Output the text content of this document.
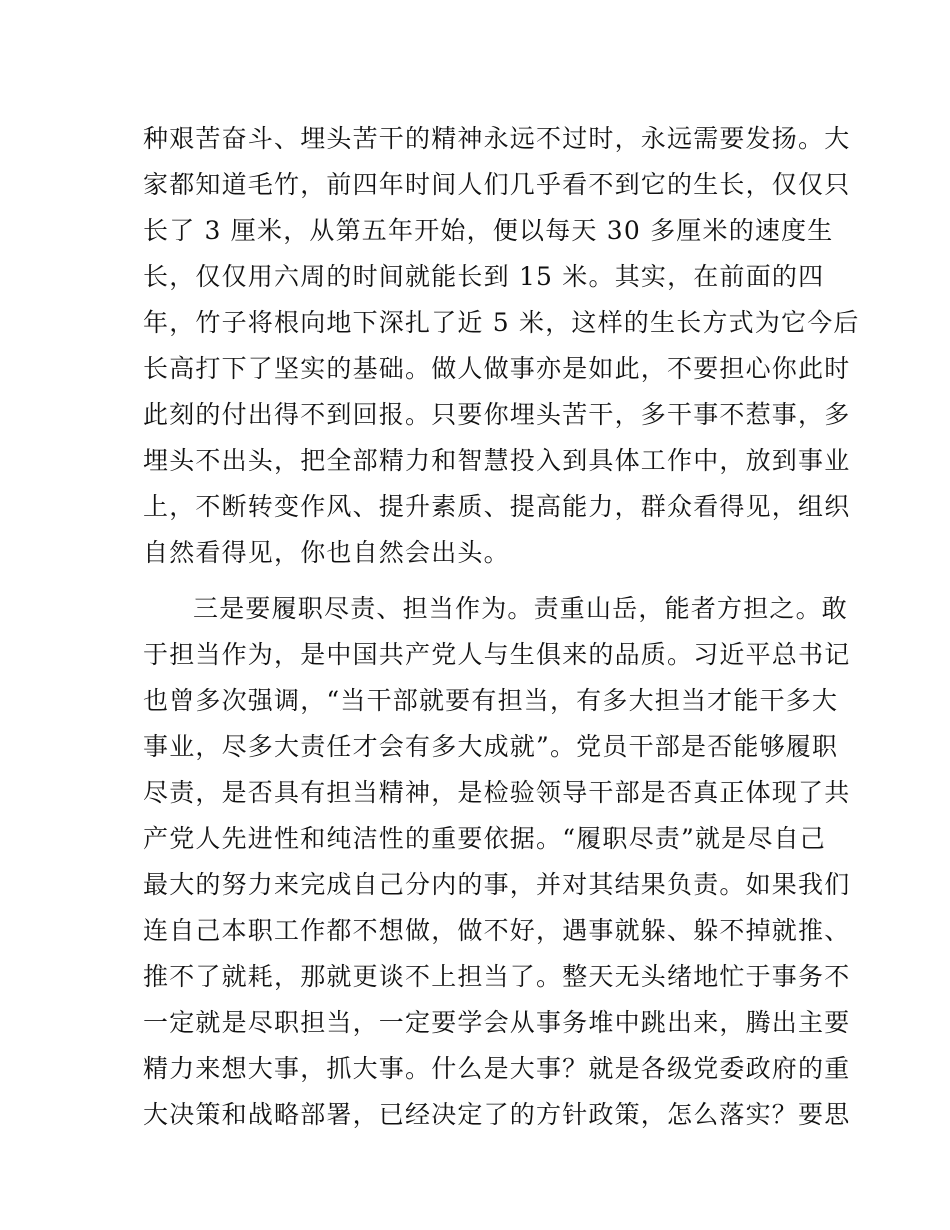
种艰苦奋斗、埋头苦干的精神永远不过时，永远需要发扬。大
家都知道毛竹，前四年时间人们几乎看不到它的生长，仅仅只
长了 3 厘米，从第五年开始，便以每天 30 多厘米的速度生
长，仅仅用六周的时间就能长到 15 米。其实，在前面的四
年，竹子将根向地下深扎了近 5 米，这样的生长方式为它今后
长高打下了坚实的基础。做人做事亦是如此，不要担心你此时
此刻的付出得不到回报。只要你埋头苦干，多干事不惹事，多
埋头不出头，把全部精力和智慧投入到具体工作中，放到事业
上，不断转变作风、提升素质、提高能力，群众看得见，组织
自然看得见，你也自然会出头。
三是要履职尽责、担当作为。责重山岳，能者方担之。敢
于担当作为，是中国共产党人与生俱来的品质。习近平总书记
也曾多次强调，“当干部就要有担当，有多大担当才能干多大
事业，尽多大责任才会有多大成就”。党员干部是否能够履职
尽责，是否具有担当精神，是检验领导干部是否真正体现了共
产党人先进性和纯洁性的重要依据。“履职尽责”就是尽自己
最大的努力来完成自己分内的事，并对其结果负责。如果我们
连自己本职工作都不想做，做不好，遇事就躲、躲不掉就推、
推不了就耗，那就更谈不上担当了。整天无头绪地忙于事务不
一定就是尽职担当，一定要学会从事务堆中跳出来，腾出主要
精力来想大事，抓大事。什么是大事？就是各级党委政府的重
大决策和战略部署，已经决定了的方针政策，怎么落实？要思
